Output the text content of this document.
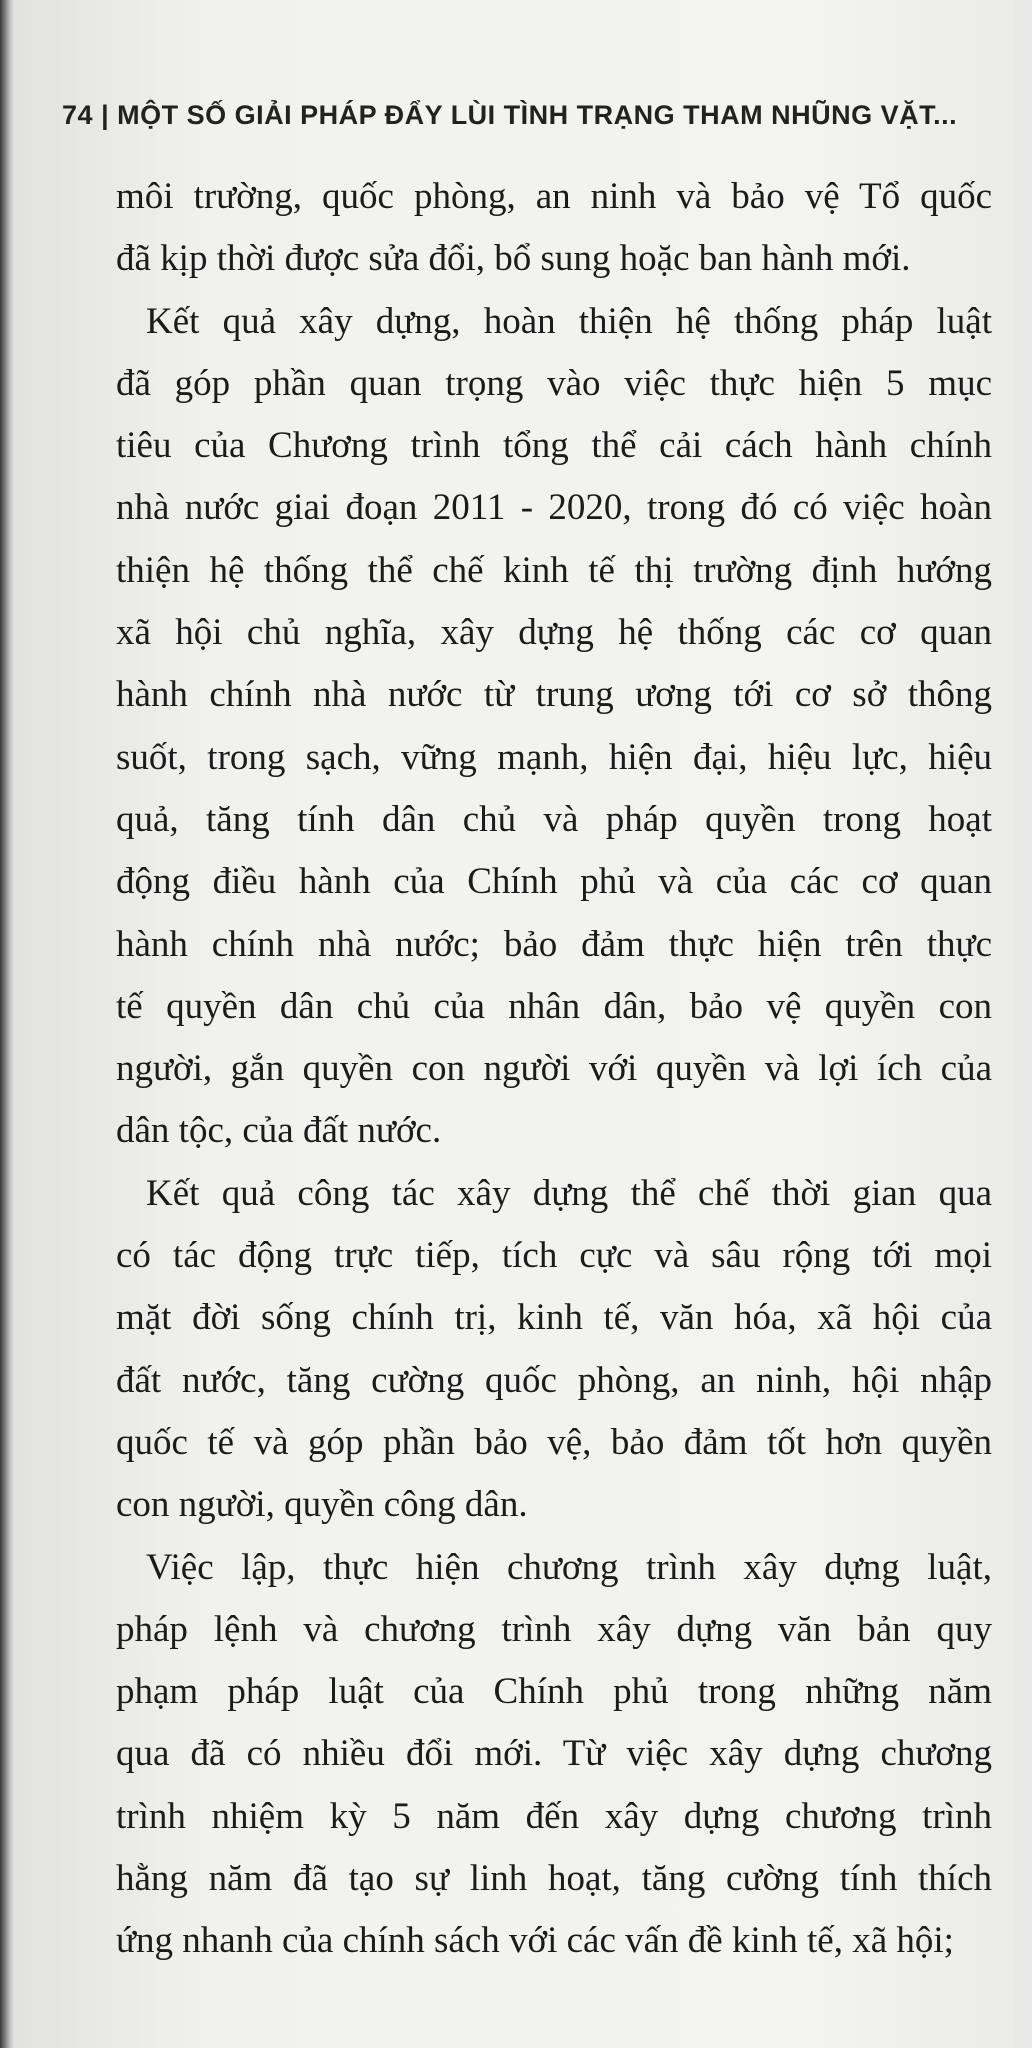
74 | MỘT SỐ GIẢI PHÁP ĐẨY LÙI TÌNH TRẠNG THAM NHŨNG VẶT...
môi trường, quốc phòng, an ninh và bảo vệ Tổ quốc
đã kịp thời được sửa đổi, bổ sung hoặc ban hành mới.
Kết quả xây dựng, hoàn thiện hệ thống pháp luật
đã góp phần quan trọng vào việc thực hiện 5 mục
tiêu của Chương trình tổng thể cải cách hành chính
nhà nước giai đoạn 2011 - 2020, trong đó có việc hoàn
thiện hệ thống thể chế kinh tế thị trường định hướng
xã hội chủ nghĩa, xây dựng hệ thống các cơ quan
hành chính nhà nước từ trung ương tới cơ sở thông
suốt, trong sạch, vững mạnh, hiện đại, hiệu lực, hiệu
quả, tăng tính dân chủ và pháp quyền trong hoạt
động điều hành của Chính phủ và của các cơ quan
hành chính nhà nước; bảo đảm thực hiện trên thực
tế quyền dân chủ của nhân dân, bảo vệ quyền con
người, gắn quyền con người với quyền và lợi ích của
dân tộc, của đất nước.
Kết quả công tác xây dựng thể chế thời gian qua
có tác động trực tiếp, tích cực và sâu rộng tới mọi
mặt đời sống chính trị, kinh tế, văn hóa, xã hội của
đất nước, tăng cường quốc phòng, an ninh, hội nhập
quốc tế và góp phần bảo vệ, bảo đảm tốt hơn quyền
con người, quyền công dân.
Việc lập, thực hiện chương trình xây dựng luật,
pháp lệnh và chương trình xây dựng văn bản quy
phạm pháp luật của Chính phủ trong những năm
qua đã có nhiều đổi mới. Từ việc xây dựng chương
trình nhiệm kỳ 5 năm đến xây dựng chương trình
hằng năm đã tạo sự linh hoạt, tăng cường tính thích
ứng nhanh của chính sách với các vấn đề kinh tế, xã hội;
